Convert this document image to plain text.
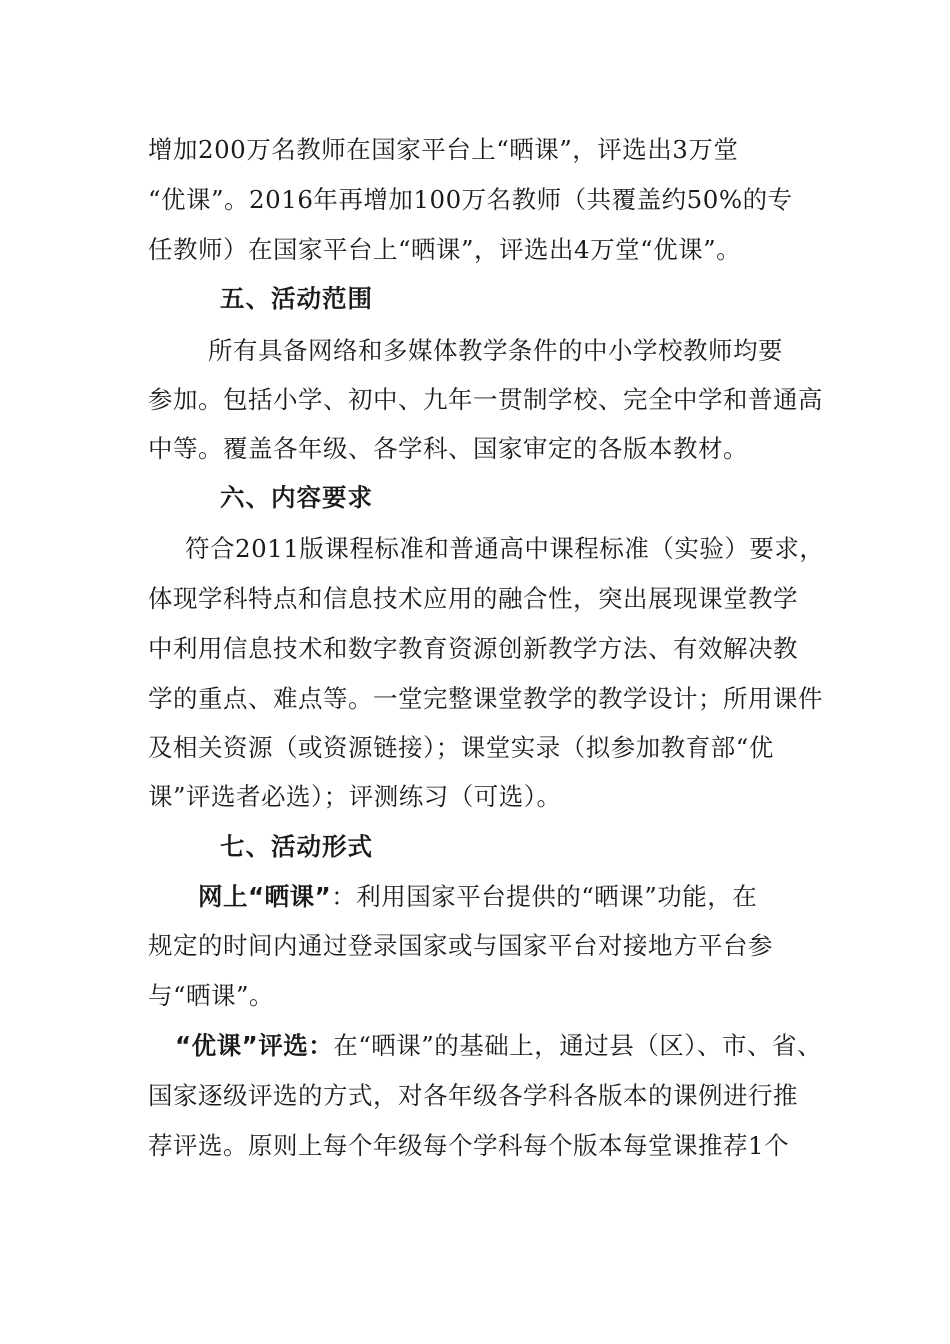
增加200万名教师在国家平台上“晒课”，评选出3万堂
“优课”。2016年再增加100万名教师（共覆盖约50%的专
任教师）在国家平台上“晒课”，评选出4万堂“优课”。
五、活动范围
所有具备网络和多媒体教学条件的中小学校教师均要
参加。包括小学、初中、九年一贯制学校、完全中学和普通高
中等。覆盖各年级、各学科、国家审定的各版本教材。
六、内容要求
符合2011版课程标准和普通高中课程标准（实验）要求，
体现学科特点和信息技术应用的融合性，突出展现课堂教学
中利用信息技术和数字教育资源创新教学方法、有效解决教
学的重点、难点等。一堂完整课堂教学的教学设计；所用课件
及相关资源（或资源链接）；课堂实录（拟参加教育部“优
课”评选者必选）；评测练习（可选）。
七、活动形式
网上“晒课”：利用国家平台提供的“晒课”功能，在
规定的时间内通过登录国家或与国家平台对接地方平台参
与“晒课”。
“优课”评选：在“晒课”的基础上，通过县（区）、市、省、
国家逐级评选的方式，对各年级各学科各版本的课例进行推
荐评选。原则上每个年级每个学科每个版本每堂课推荐1个
